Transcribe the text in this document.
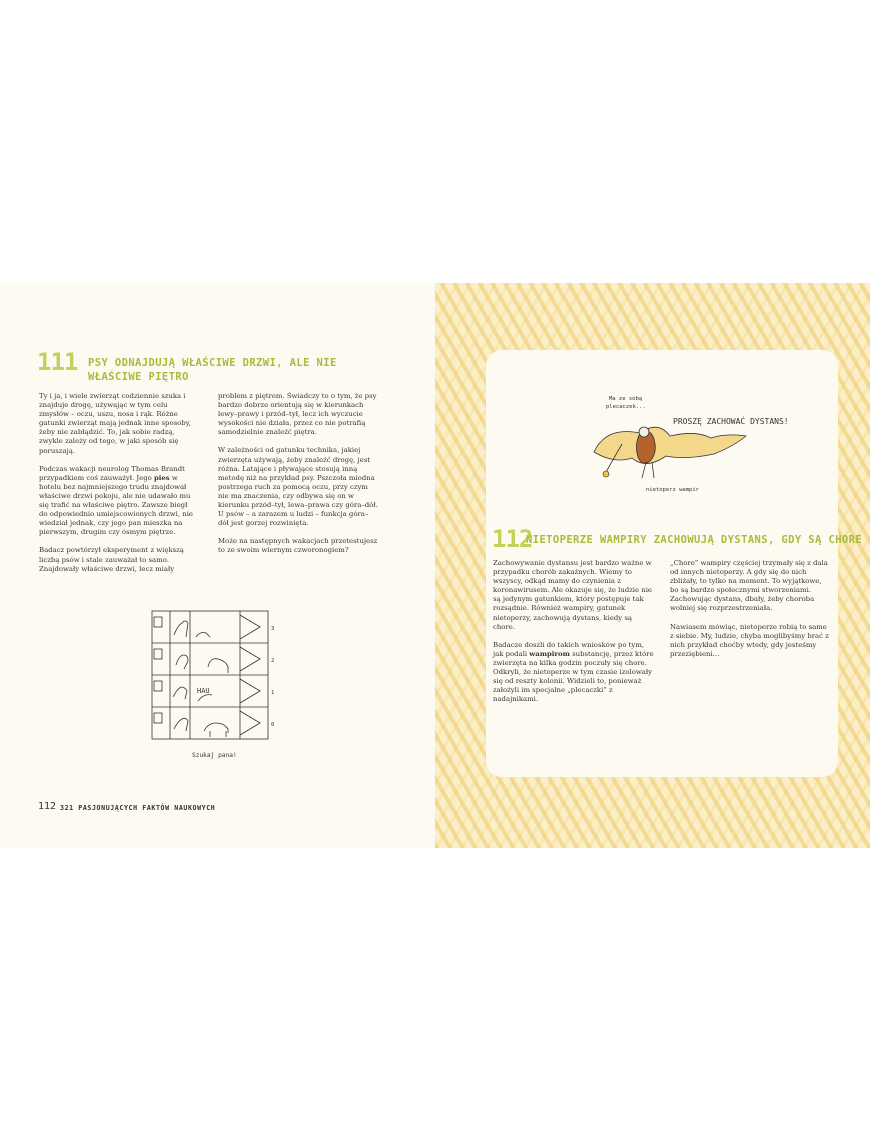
111 PSY ODNAJDUJĄ WŁAŚCIWE DRZWI, ALE NIE WŁAŚCIWE PIĘTRO

Ty i ja, i wiele zwierząt codziennie szuka i znajduje drogę, używając w tym celu zmysłów – oczu, uszu, nosa i rąk. Różne gatunki zwierząt mają jednak inne sposoby, żeby nie zabłądzić. To, jak sobie radzą, zwykle zależy od tego, w jaki sposób się poruszają.

Podczas wakacji neurolog Thomas Brandt przypadkiem coś zauważył. Jego pies w hotelu bez najmniejszego trudu znajdował właściwe drzwi pokoju, ale nie udawało mu się trafić na właściwe piętro. Zawsze biegł do odpowiednio umiejscowionych drzwi, nie wiedział jednak, czy jego pan mieszka na pierwszym, drugim czy ósmym piętrze.

Badacz powtórzył eksperyment z większą liczbą psów i stale zauważał to samo. Znajdowały właściwe drzwi, lecz miały

problem z piętrem. Świadczy to o tym, że psy bardzo dobrze orientują się w kierunkach lewy–prawy i przód–tył, lecz ich wyczucie wysokości nie działa, przez co nie potrafią samodzielnie znaleźć piętra.

W zależności od gatunku technika, jakiej zwierzęta używają, żeby znaleźć drogę, jest różna. Latające i pływające stosują inną metodę niż na przykład psy. Pszczoła miodna postrzega ruch za pomocą oczu, przy czym nie ma znaczenia, czy odbywa się on w kierunku przód–tył, lewa–prawa czy góra–dół. U psów – a zarazem u ludzi – funkcja góra–dół jest gorzej rozwinięta.

Może na następnych wakacjach przetestujesz to ze swoim wiernym czworonogiem?

HAU
3
2
1
0
Szukaj pana!
112 321 PASJONUJĄCYCH FAKTÓW NAUKOWYCH
Ma ze sobą
plecaczek...
PROSZĘ ZACHOWAĆ DYSTANS!
nietoperz wampir
112
NIETOPERZE WAMPIRY ZACHOWUJĄ DYSTANS, GDY SĄ CHORE

Zachowywanie dystansu jest bardzo ważne w przypadku chorób zakaźnych. Wiemy to wszyscy, odkąd mamy do czynienia z koronawirusem. Ale okazuje się, że ludzie nie są jedynym gatunkiem, który postępuje tak rozsądnie. Również wampiry, gatunek nietoperzy, zachowują dystans, kiedy są chore.

Badacze doszli do takich wniosków po tym, jak podali wampirom substancję, przez które zwierzęta na kilka godzin poczuły się chore. Odkryli, że nietoperze w tym czasie izolowały się od reszty kolonii. Widzieli to, ponieważ założyli im specjalne „plecaczki” z nadajnikami.

„Chore” wampiry częściej trzymały się z dala od innych nietoperzy. A gdy się do nich zbliżały, to tylko na moment. To wyjątkowe, bo są bardzo społecznymi stworzeniami. Zachowując dystans, dbały, żeby choroba wolniej się rozprzestrzeniała.

Nawiasem mówiąc, nietoperze robią to same z siebie. My, ludzie, chyba moglibyśmy brać z nich przykład choćby wtedy, gdy jesteśmy przeziębieni…
